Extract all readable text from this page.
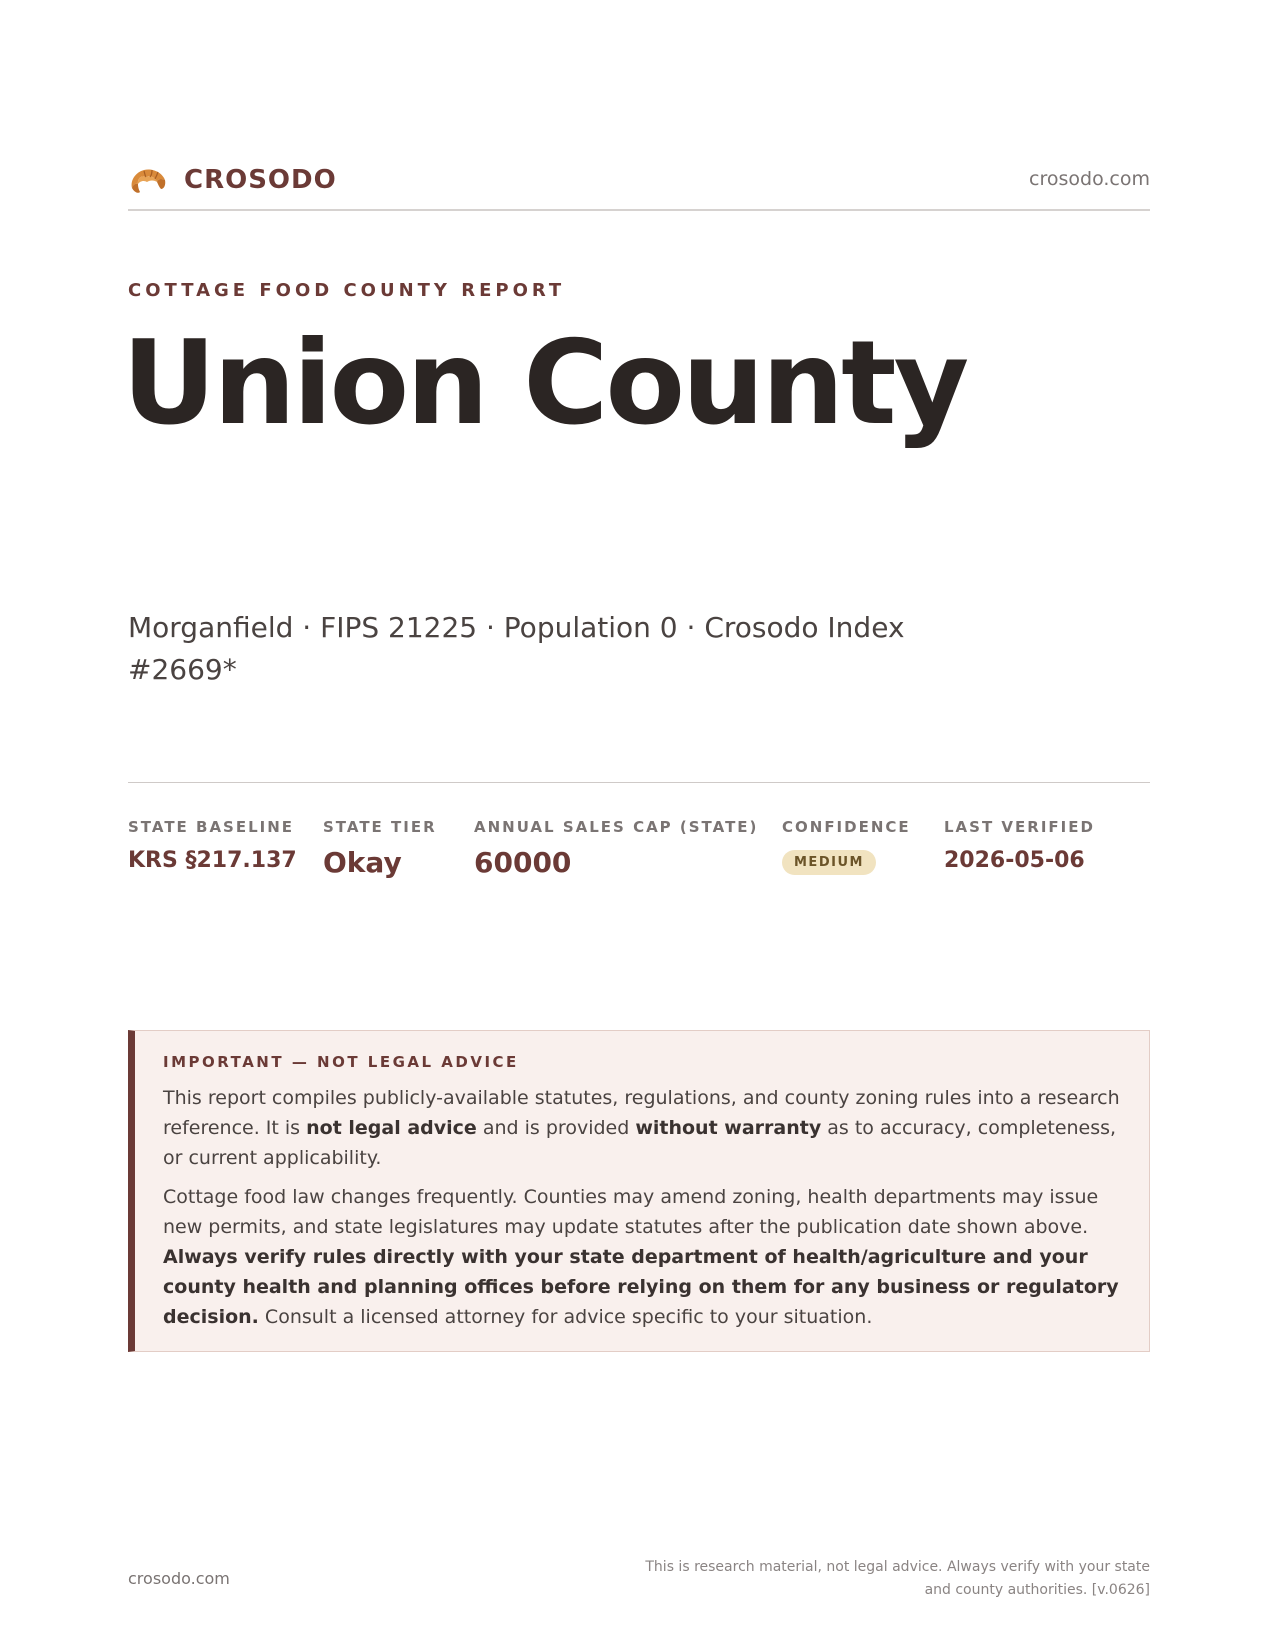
CROSODO	crosodo.com
COTTAGE FOOD COUNTY REPORT
Union County
Morganfield · FIPS 21225 · Population 0 · Crosodo Index #2669*
STATE BASELINE
KRS §217.137
STATE TIER
Okay
ANNUAL SALES CAP (STATE)
60000
CONFIDENCE
MEDIUM
LAST VERIFIED
2026-05-06
IMPORTANT — NOT LEGAL ADVICE

This report compiles publicly-available statutes, regulations, and county zoning rules into a research reference. It is not legal advice and is provided without warranty as to accuracy, completeness, or current applicability.

Cottage food law changes frequently. Counties may amend zoning, health departments may issue new permits, and state legislatures may update statutes after the publication date shown above. Always verify rules directly with your state department of health/agriculture and your county health and planning offices before relying on them for any business or regulatory decision. Consult a licensed attorney for advice specific to your situation.

crosodo.com
This is research material, not legal advice. Always verify with your state and county authorities. [v.0626]
